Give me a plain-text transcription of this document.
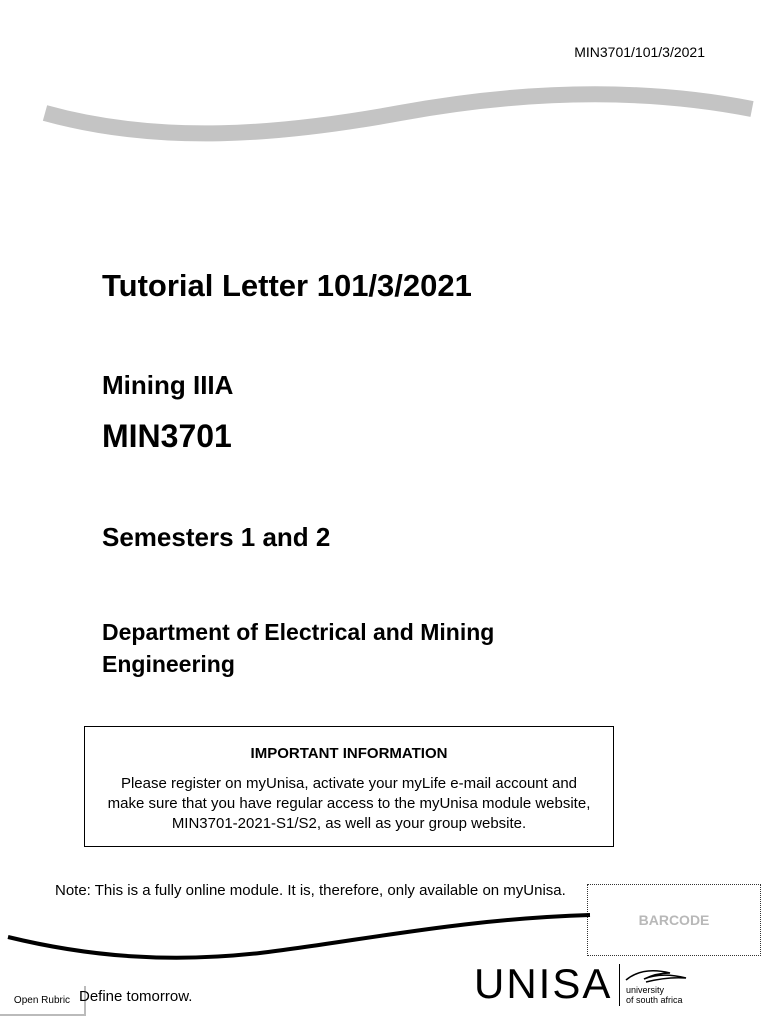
MIN3701/101/3/2021
Tutorial Letter 101/3/2021
Mining IIIA
MIN3701
Semesters 1 and 2
Department of Electrical and Mining Engineering
IMPORTANT INFORMATION
Please register on myUnisa, activate your myLife e-mail account and make sure that you have regular access to the myUnisa module website, MIN3701-2021-S1/S2, as well as your group website.
Note: This is a fully online module. It is, therefore, only available on myUnisa.
BARCODE
Open Rubric Define tomorrow.	UNISA university
of south africa
